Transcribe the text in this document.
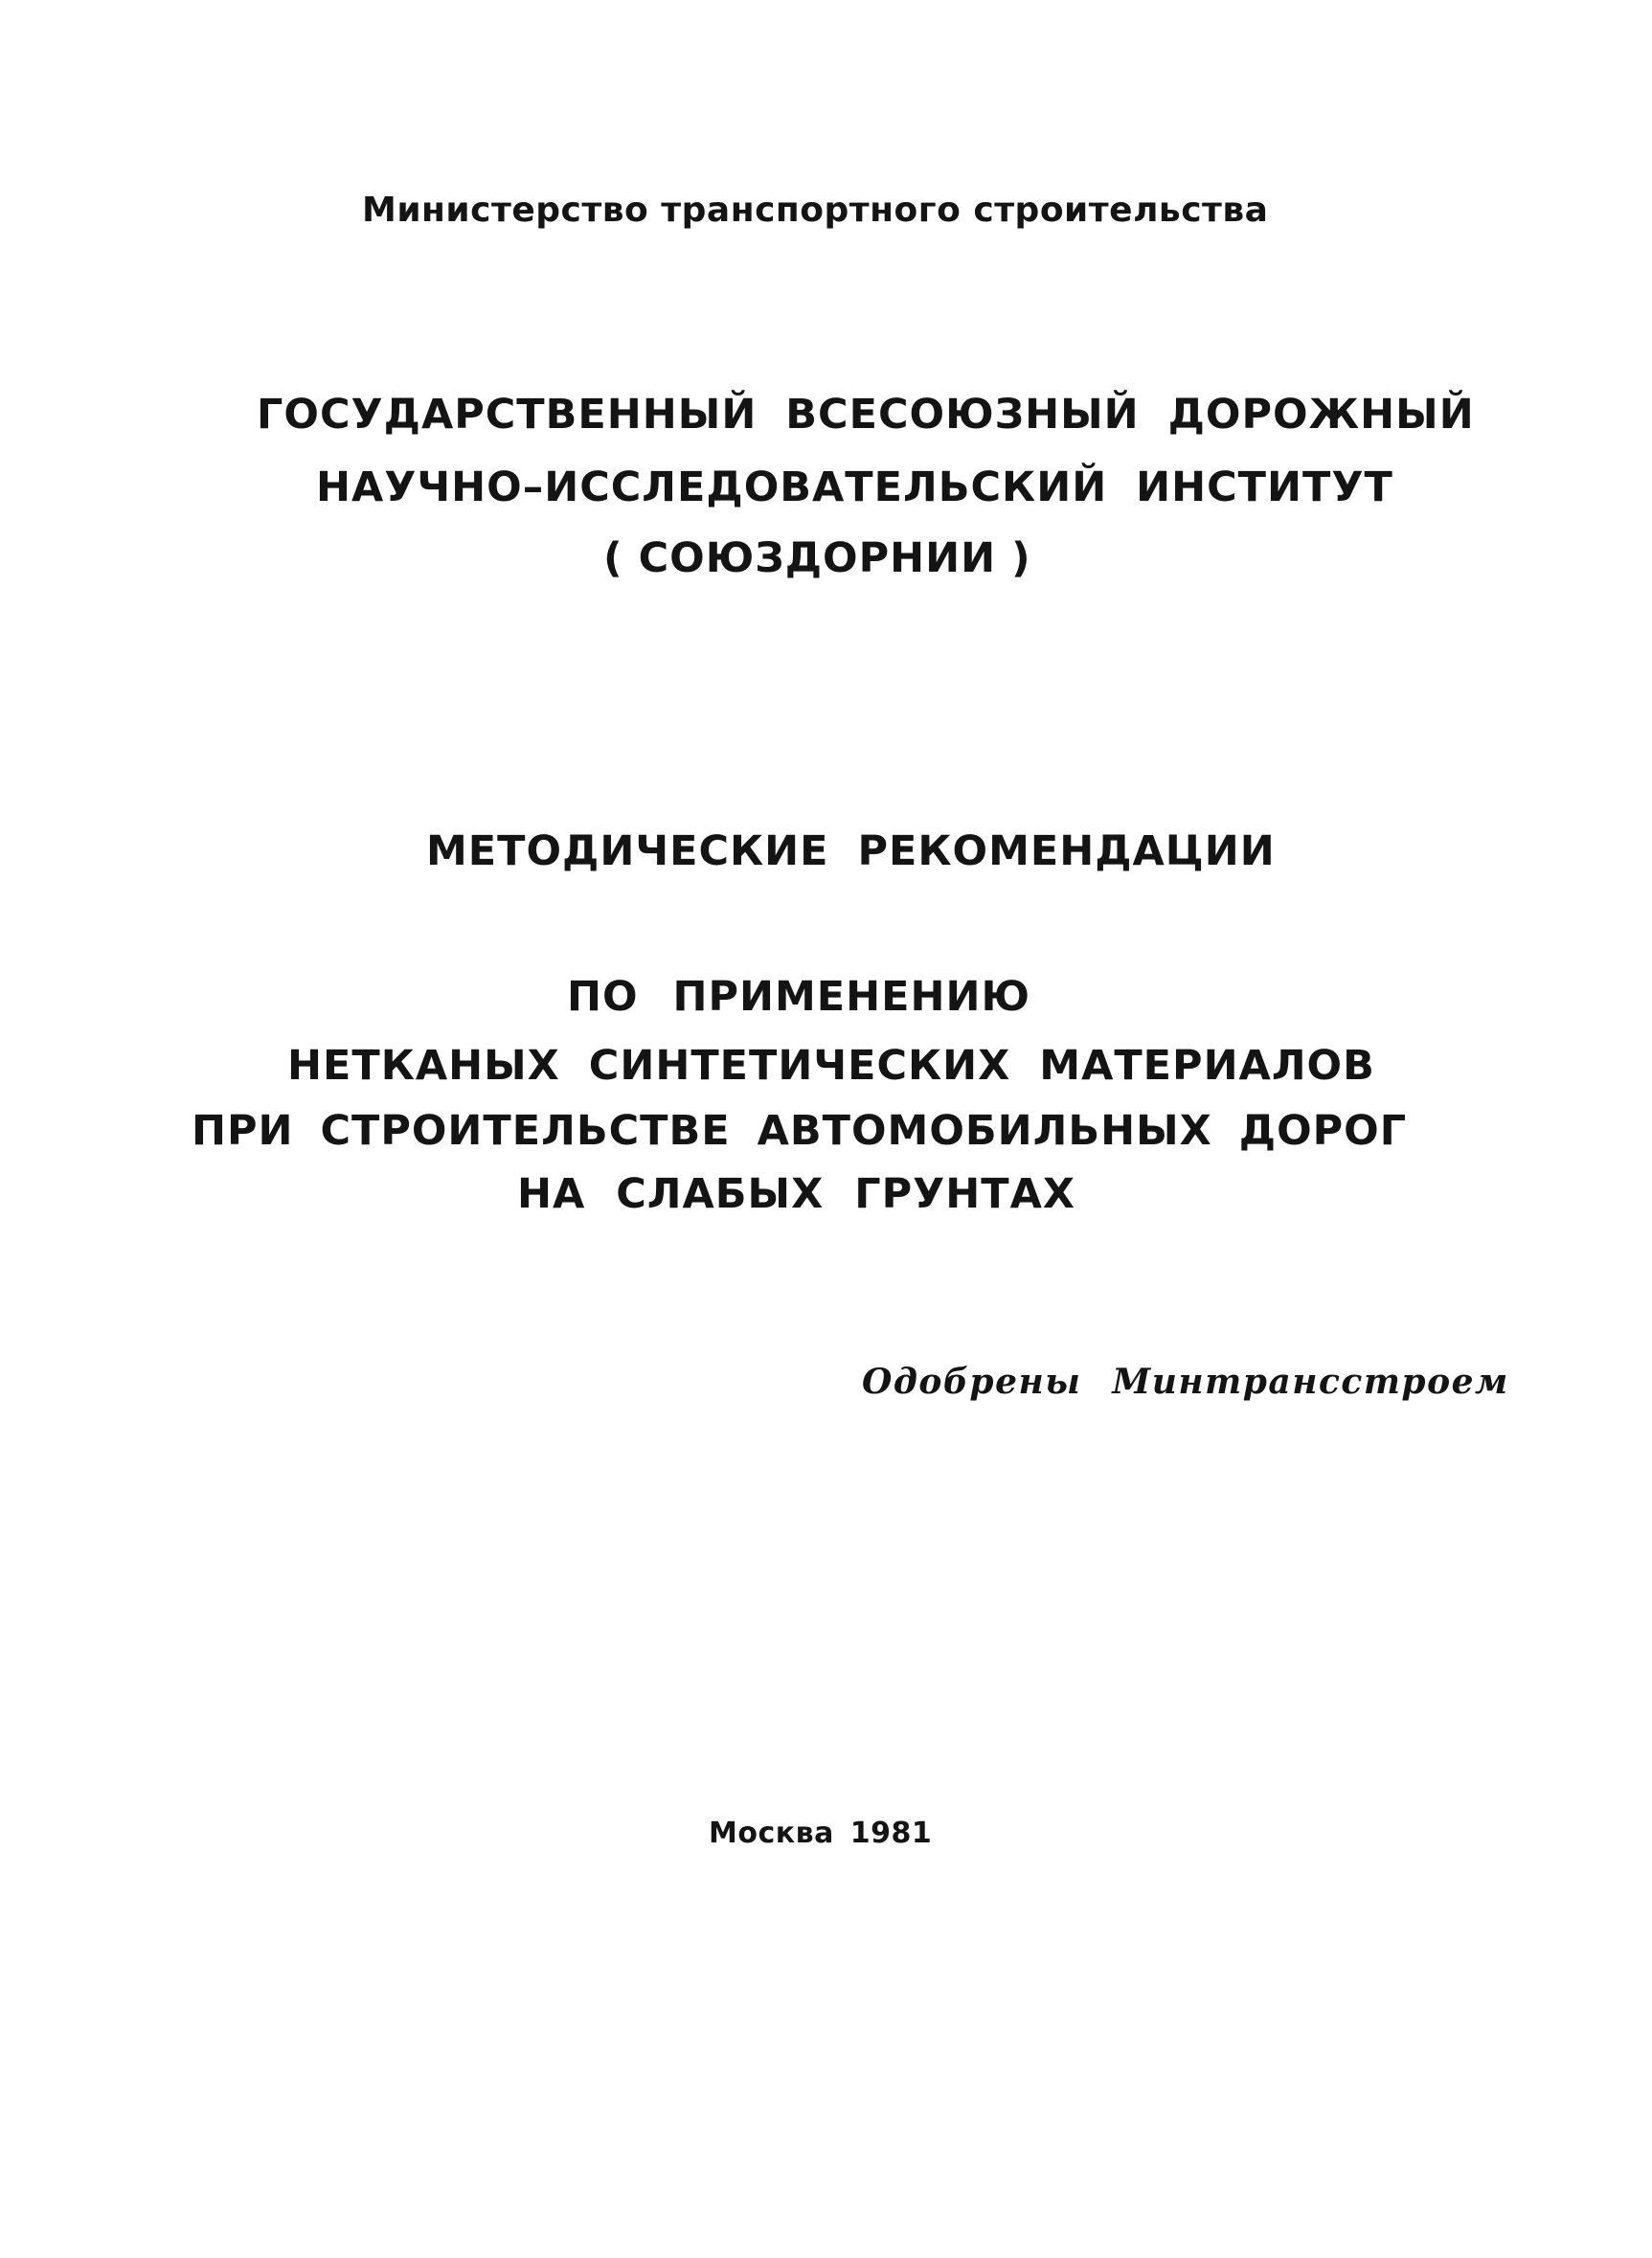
Министерство транспортного строительства
ГОСУДАРСТВЕННЫЙ ВСЕСОЮЗНЫЙ ДОРОЖНЫЙ
НАУЧНО–ИССЛЕДОВАТЕЛЬСКИЙ ИНСТИТУТ
( СОЮЗДОРНИИ )
МЕТОДИЧЕСКИЕ РЕКОМЕНДАЦИИ
ПО ПРИМЕНЕНИЮ
НЕТКАНЫХ СИНТЕТИЧЕСКИХ МАТЕРИАЛОВ
ПРИ СТРОИТЕЛЬСТВЕ АВТОМОБИЛЬНЫХ ДОРОГ
НА СЛАБЫХ ГРУНТАХ
Одобрены Минтрансстроем
Москва 1981
